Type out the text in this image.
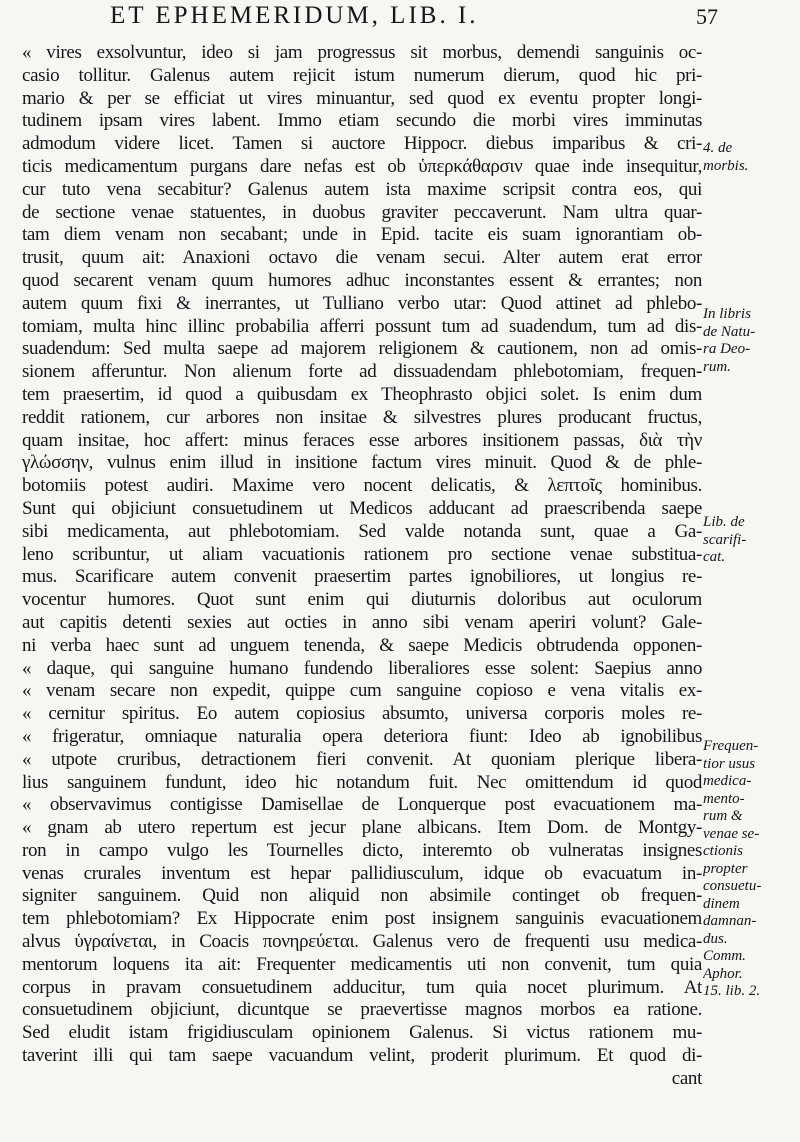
ET EPHEMERIDUM, LIB. I.	57
« vires exsolvuntur, ideo si jam progressus sit morbus, demendi sanguinis oc-
casio tollitur. Galenus autem rejicit istum numerum dierum, quod hic pri-
mario & per se efficiat ut vires minuantur, sed quod ex eventu propter longi-
tudinem ipsam vires labent. Immo etiam secundo die morbi vires imminutas
admodum videre licet. Tamen si auctore Hippocr. diebus imparibus & cri-
ticis medicamentum purgans dare nefas est ob ὑπερκάθαρσιν quae inde insequitur,
cur tuto vena secabitur? Galenus autem ista maxime scripsit contra eos, qui
de sectione venae statuentes, in duobus graviter peccaverunt. Nam ultra quar-
tam diem venam non secabant; unde in Epid. tacite eis suam ignorantiam ob-
trusit, quum ait: Anaxioni octavo die venam secui. Alter autem erat error
quod secarent venam quum humores adhuc inconstantes essent & errantes; non
autem quum fixi & inerrantes, ut Tulliano verbo utar: Quod attinet ad phlebo-
tomiam, multa hinc illinc probabilia afferri possunt tum ad suadendum, tum ad dis-
suadendum: Sed multa saepe ad majorem religionem & cautionem, non ad omis-
sionem afferuntur. Non alienum forte ad dissuadendam phlebotomiam, frequen-
tem praesertim, id quod a quibusdam ex Theophrasto objici solet. Is enim dum
reddit rationem, cur arbores non insitae & silvestres plures producant fructus,
quam insitae, hoc affert: minus feraces esse arbores insitionem passas, διὰ τὴν
γλώσσην, vulnus enim illud in insitione factum vires minuit. Quod & de phle-
botomiis potest audiri. Maxime vero nocent delicatis, & λεπτοῖς hominibus.
Sunt qui objiciunt consuetudinem ut Medicos adducant ad praescribenda saepe
sibi medicamenta, aut phlebotomiam. Sed valde notanda sunt, quae a Ga-
leno scribuntur, ut aliam vacuationis rationem pro sectione venae substitua-
mus. Scarificare autem convenit praesertim partes ignobiliores, ut longius re-
vocentur humores. Quot sunt enim qui diuturnis doloribus aut oculorum
aut capitis detenti sexies aut octies in anno sibi venam aperiri volunt? Gale-
ni verba haec sunt ad unguem tenenda, & saepe Medicis obtrudenda opponen-
« daque, qui sanguine humano fundendo liberaliores esse solent: Saepius anno
« venam secare non expedit, quippe cum sanguine copioso e vena vitalis ex-
« cernitur spiritus. Eo autem copiosius absumto, universa corporis moles re-
« frigeratur, omniaque naturalia opera deteriora fiunt: Ideo ab ignobilibus
« utpote cruribus, detractionem fieri convenit. At quoniam plerique libera-
lius sanguinem fundunt, ideo hic notandum fuit. Nec omittendum id quod
« observavimus contigisse Damisellae de Lonquerque post evacuationem ma-
« gnam ab utero repertum est jecur plane albicans. Item Dom. de Montgy-
ron in campo vulgo les Tournelles dicto, interemto ob vulneratas insignes
venas crurales inventum est hepar pallidiusculum, idque ob evacuatum in-
signiter sanguinem. Quid non aliquid non absimile continget ob frequen-
tem phlebotomiam? Ex Hippocrate enim post insignem sanguinis evacuationem
alvus ὑγραίνεται, in Coacis πονηρεύεται. Galenus vero de frequenti usu medica-
mentorum loquens ita ait: Frequenter medicamentis uti non convenit, tum quia
corpus in pravam consuetudinem adducitur, tum quia nocet plurimum. At
consuetudinem objiciunt, dicuntque se praevertisse magnos morbos ea ratione.
Sed eludit istam frigidiusculam opinionem Galenus. Si victus rationem mu-
taverint illi qui tam saepe vacuandum velint, proderit plurimum. Et quod di-
cant
4. de
morbis.
In libris
de Natu-
ra Deo-
rum.
Lib. de
scarifi-
cat.
Frequen-
tior usus
medica-
mento-
rum &
venae se-
ctionis
propter
consuetu-
dinem
damnan-
dus.
Comm.
Aphor.
15. lib. 2.
